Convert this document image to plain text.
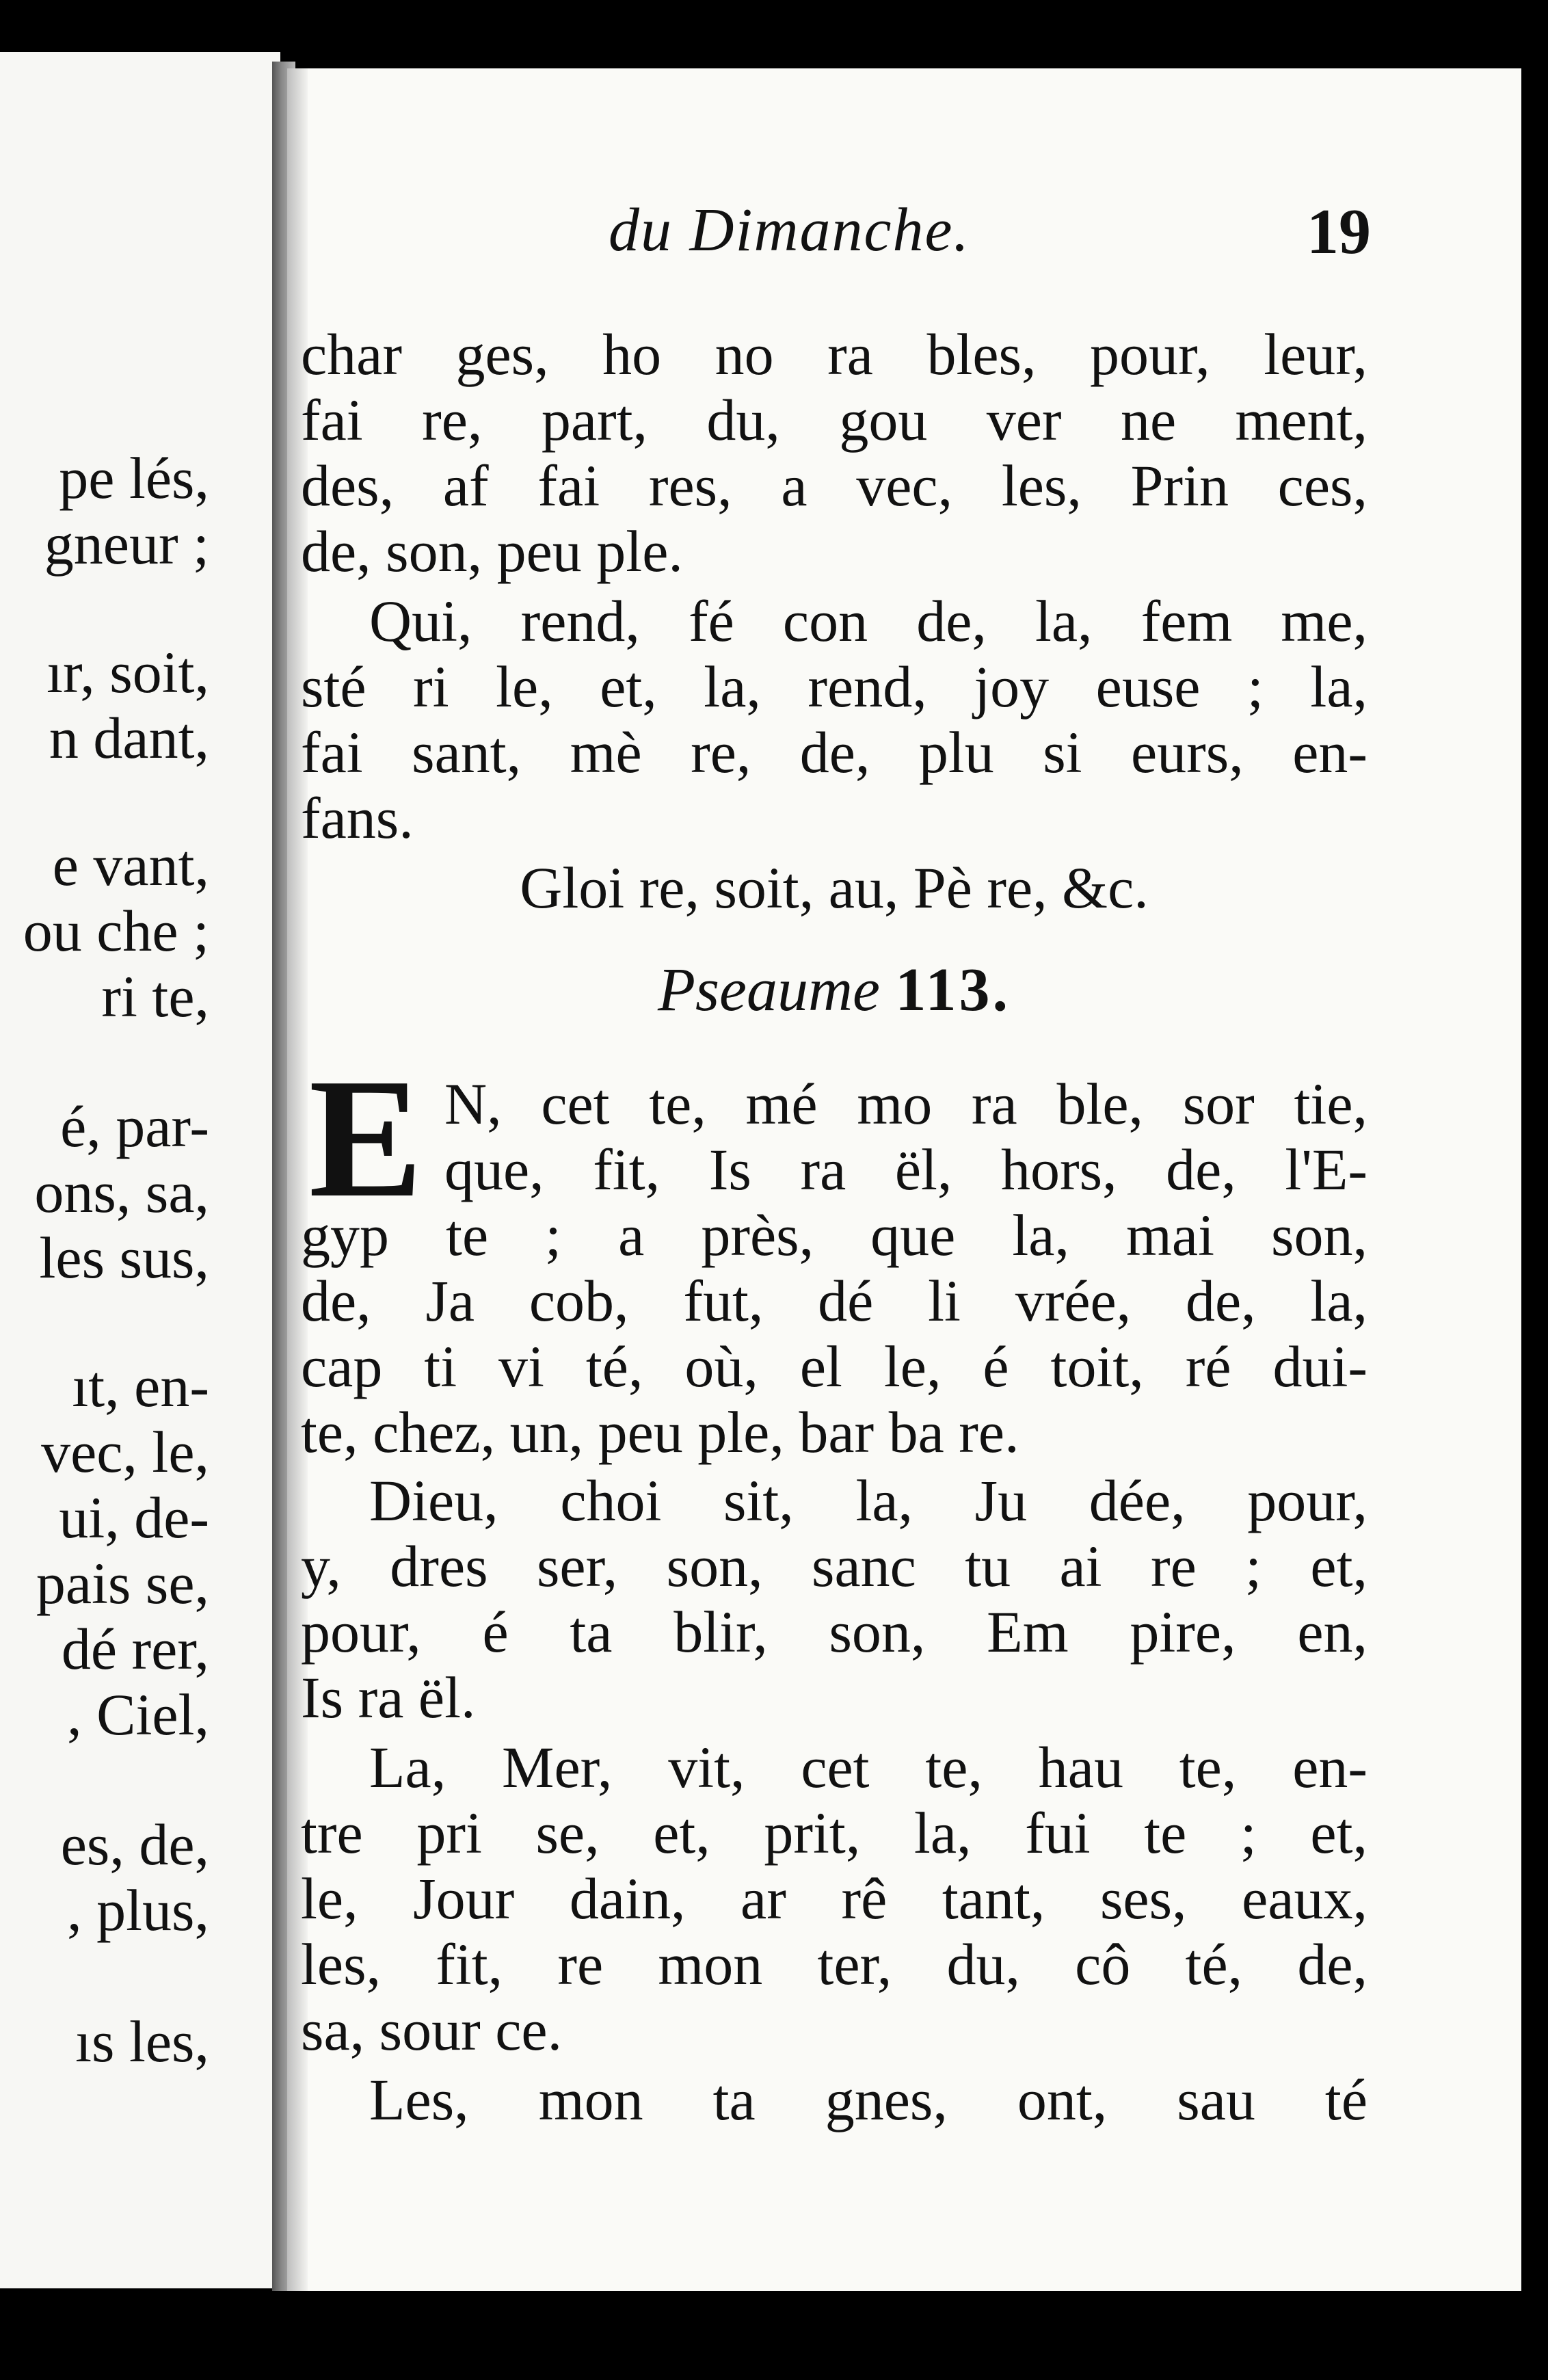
pe lés,
gneur ;
ır, soit,
n dant,
e vant,
ou che ;
ri te,
é, par-
ons, sa,
les sus,
ıt, en-
vec, le,
ui, de-
pais se,
dé rer,
, Ciel,
es, de,
, plus,
ıs les,
du Dimanche.	19
char ges, ho no ra bles, pour, leur,
fai re, part, du, gou ver ne ment,
des, af fai res, a vec, les, Prin ces,
de, son, peu ple.
Qui, rend, fé con de, la, fem me,
sté ri le, et, la, rend, joy euse ; la,
fai sant, mè re, de, plu si eurs, en-
fans.
Gloi re, soit, au, Pè re, &c.
Pseaume 113.
E N, cet te, mé mo ra ble, sor tie,
que, fit, Is ra ël, hors, de, l'E-
gyp te ; a près, que la, mai son,
de, Ja cob, fut, dé li vrée, de, la,
cap ti vi té, où, el le, é toit, ré dui-
te, chez, un, peu ple, bar ba re.
Dieu, choi sit, la, Ju dée, pour,
y, dres ser, son, sanc tu ai re ; et,
pour, é ta blir, son, Em pire, en,
Is ra ël.
La, Mer, vit, cet te, hau te, en-
tre pri se, et, prit, la, fui te ; et,
le, Jour dain, ar rê tant, ses, eaux,
les, fit, re mon ter, du, cô té, de,
sa, sour ce.
Les, mon ta gnes, ont, sau té
